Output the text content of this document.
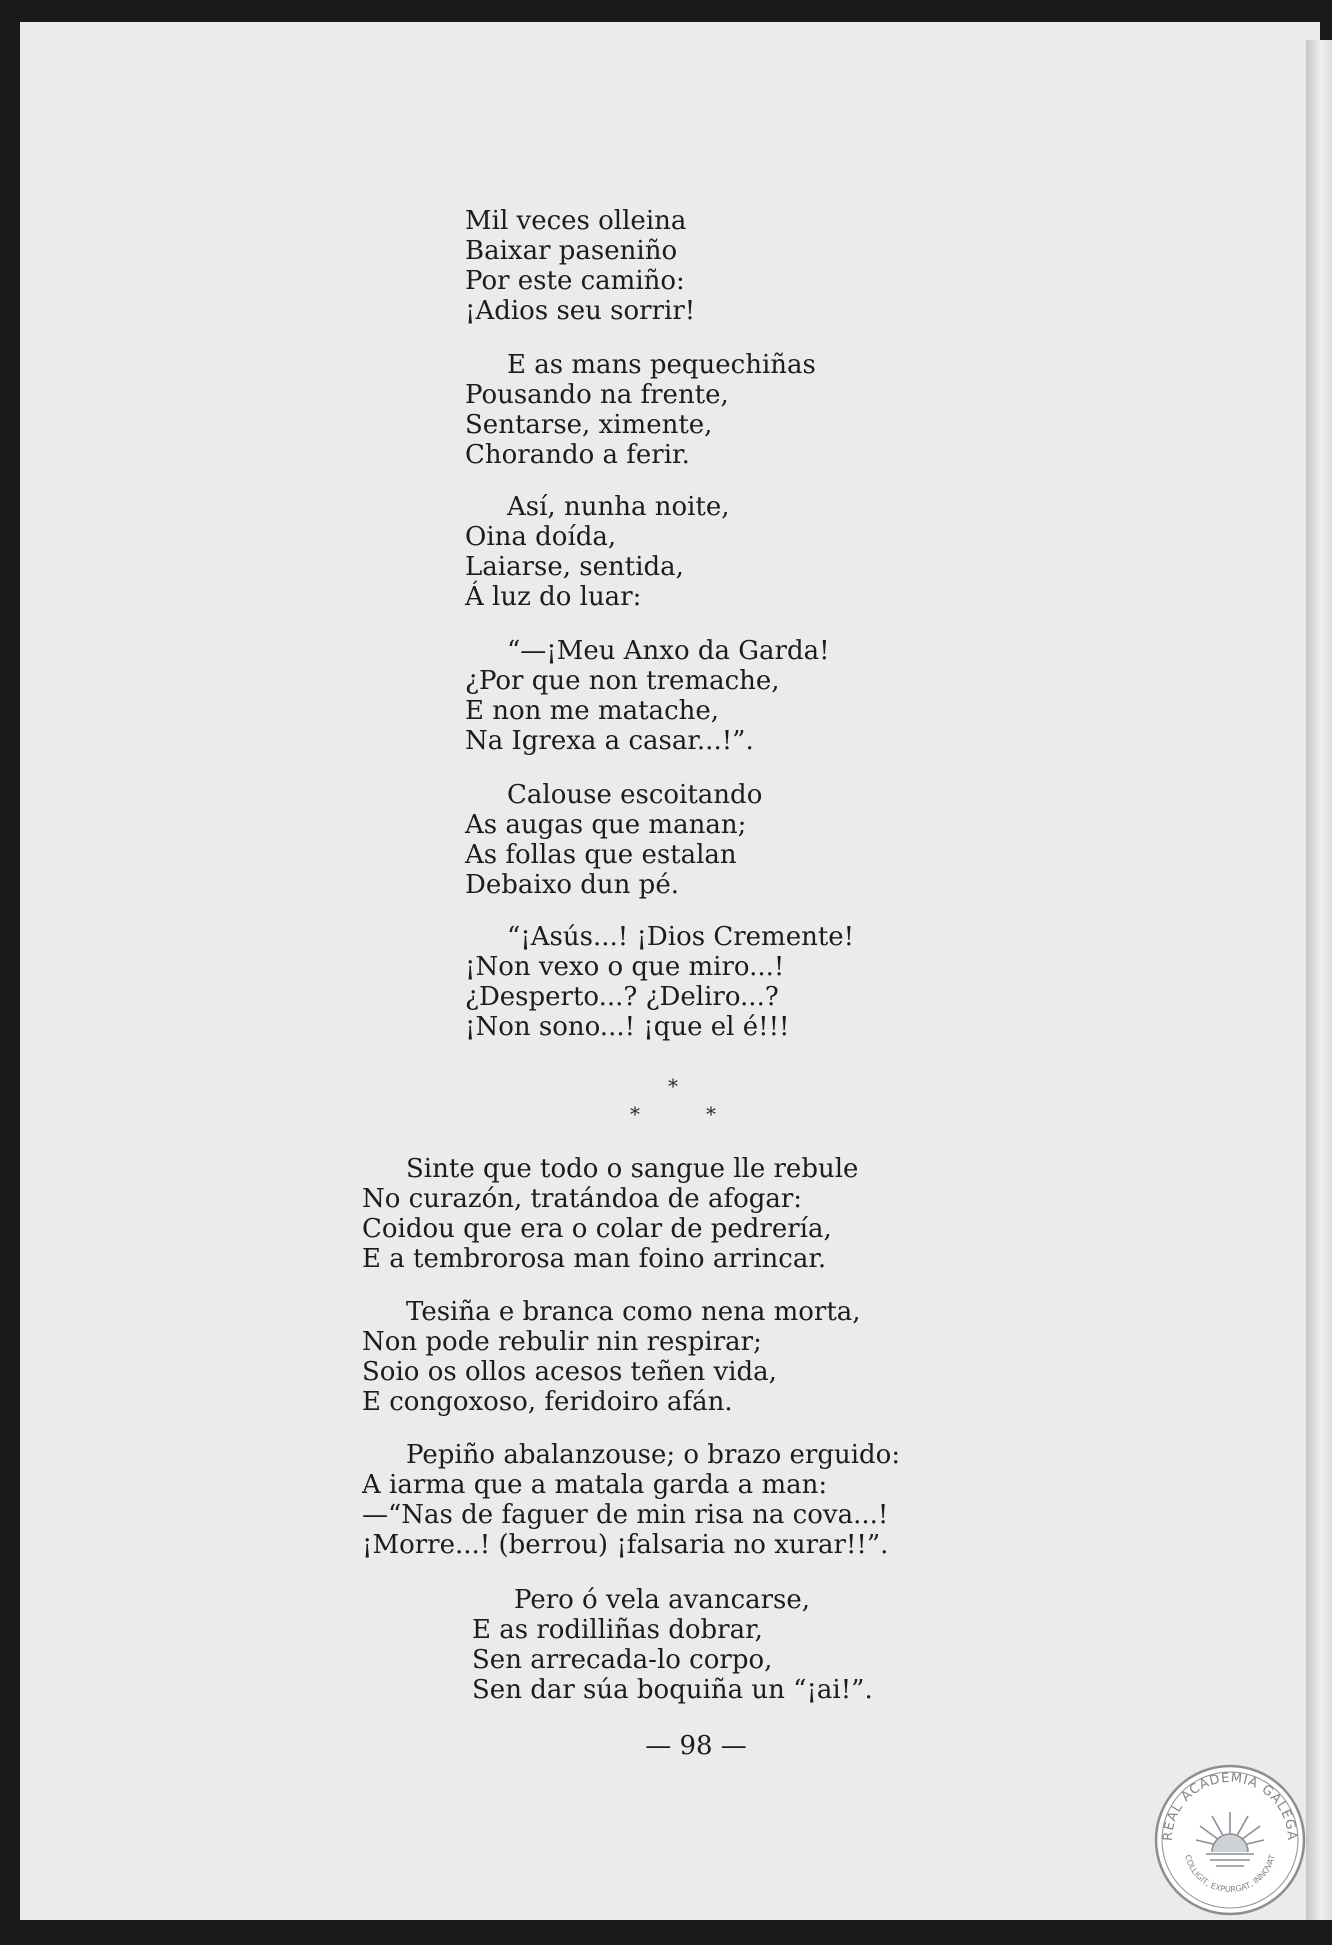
Mil veces olleina
Baixar paseniño
Por este camiño:
¡Adios seu sorrir!
E as mans pequechiñas
Pousando na frente,
Sentarse, ximente,
Chorando a ferir.
Así, nunha noite,
Oina doída,
Laiarse, sentida,
Á luz do luar:
“—¡Meu Anxo da Garda!
¿Por que non tremache,
E non me matache,
Na Igrexa a casar...!”.
Calouse escoitando
As augas que manan;
As follas que estalan
Debaixo dun pé.
“¡Asús...! ¡Dios Cremente!
¡Non vexo o que miro...!
¿Desperto...? ¿Deliro...?
¡Non sono...! ¡que el é!!!
*
*	*
Sinte que todo o sangue lle rebule
No curazón, tratándoa de afogar:
Coidou que era o colar de pedrería,
E a tembrorosa man foino arrincar.
Tesiña e branca como nena morta,
Non pode rebulir nin respirar;
Soio os ollos acesos teñen vida,
E congoxoso, feridoiro afán.
Pepiño abalanzouse; o brazo erguido:
A iarma que a matala garda a man:
—“Nas de faguer de min risa na cova...!
¡Morre...! (berrou) ¡falsaria no xurar!!”.
Pero ó vela avancarse,
E as rodilliñas dobrar,
Sen arrecada-lo corpo,
Sen dar súa boquiña un “¡ai!”.
— 98 —
REAL ACADEMIA GALEGA
COLLIGIT, EXPURGAT, INNOVAT
